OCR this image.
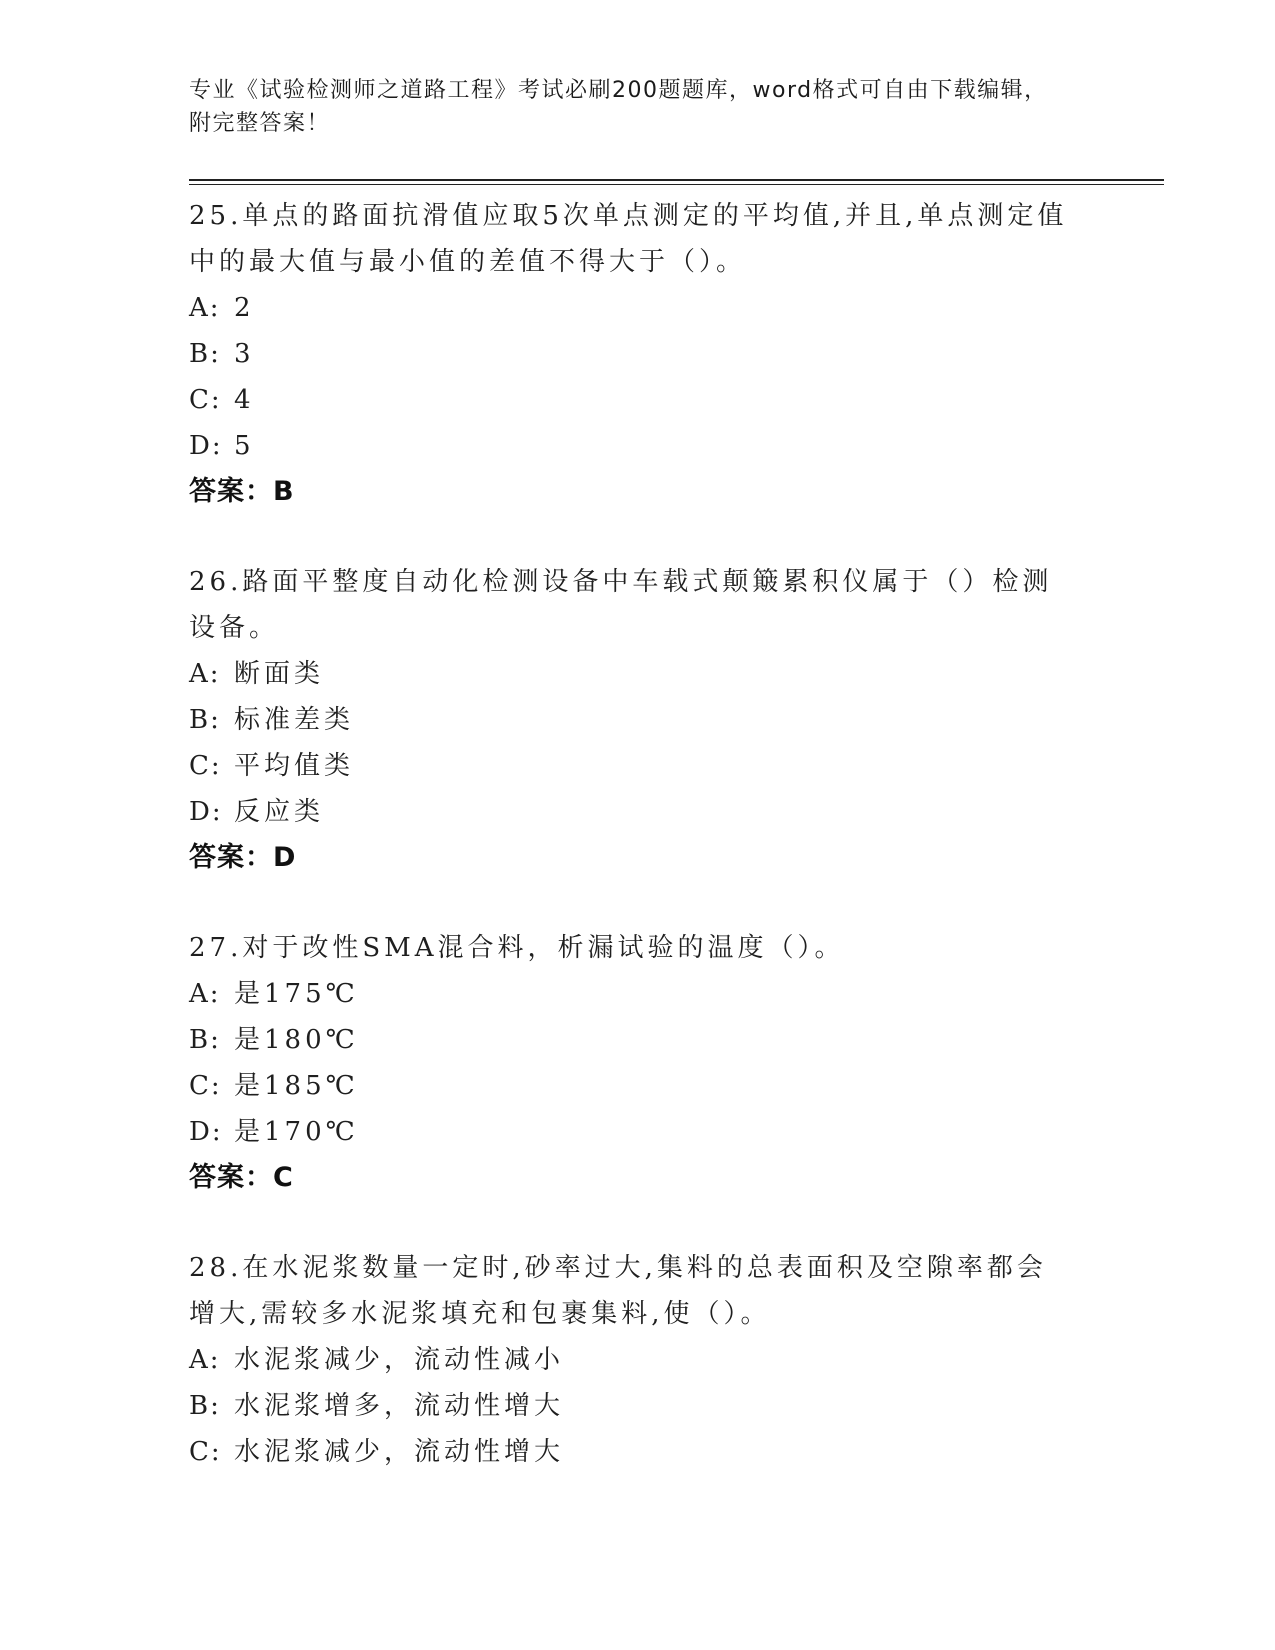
专业《试验检测师之道路工程》考试必刷200题题库，word格式可自由下载编辑，附完整答案！

25.单点的路面抗滑值应取5次单点测定的平均值,并且,单点测定值中的最大值与最小值的差值不得大于（）。

A: 2
B: 3
C: 4
D: 5
答案：B

26.路面平整度自动化检测设备中车载式颠簸累积仪属于（）检测设备。

A: 断面类
B: 标准差类
C: 平均值类
D: 反应类
答案：D

27.对于改性SMA混合料，析漏试验的温度（）。

A: 是175℃
B: 是180℃
C: 是185℃
D: 是170℃
答案：C

28.在水泥浆数量一定时,砂率过大,集料的总表面积及空隙率都会增大,需较多水泥浆填充和包裹集料,使（）。

A: 水泥浆减少，流动性减小
B: 水泥浆增多，流动性增大
C: 水泥浆减少，流动性增大
